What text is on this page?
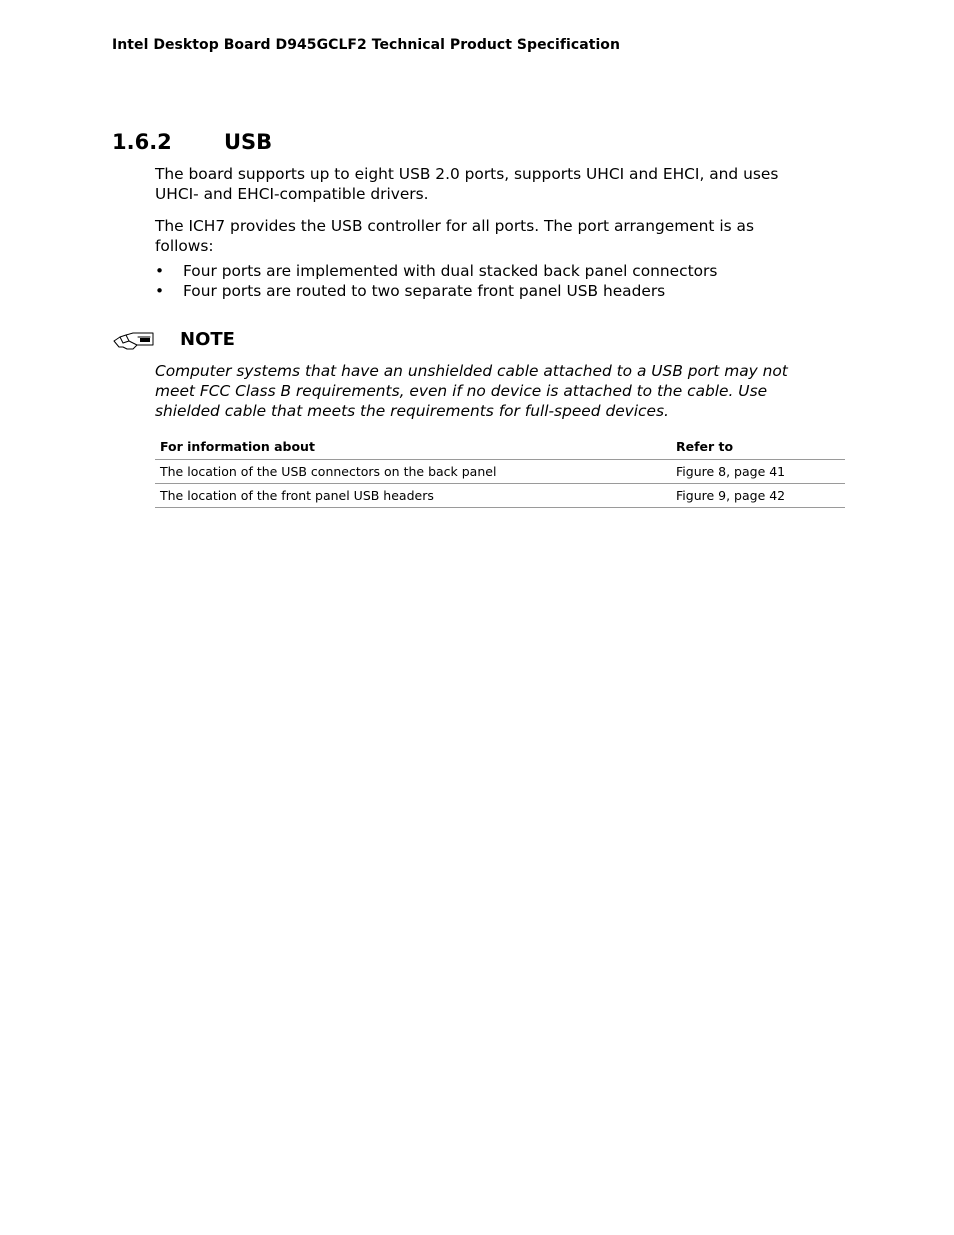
Intel Desktop Board D945GCLF2 Technical Product Specification
1.6.2 USB
The board supports up to eight USB 2.0 ports, supports UHCI and EHCI, and uses UHCI- and EHCI-compatible drivers.
The ICH7 provides the USB controller for all ports. The port arrangement is as follows:
• Four ports are implemented with dual stacked back panel connectors
• Four ports are routed to two separate front panel USB headers
NOTE
Computer systems that have an unshielded cable attached to a USB port may not meet FCC Class B requirements, even if no device is attached to the cable. Use shielded cable that meets the requirements for full-speed devices.
For information about	Refer to
The location of the USB connectors on the back panel	Figure 8, page 41
The location of the front panel USB headers	Figure 9, page 42
